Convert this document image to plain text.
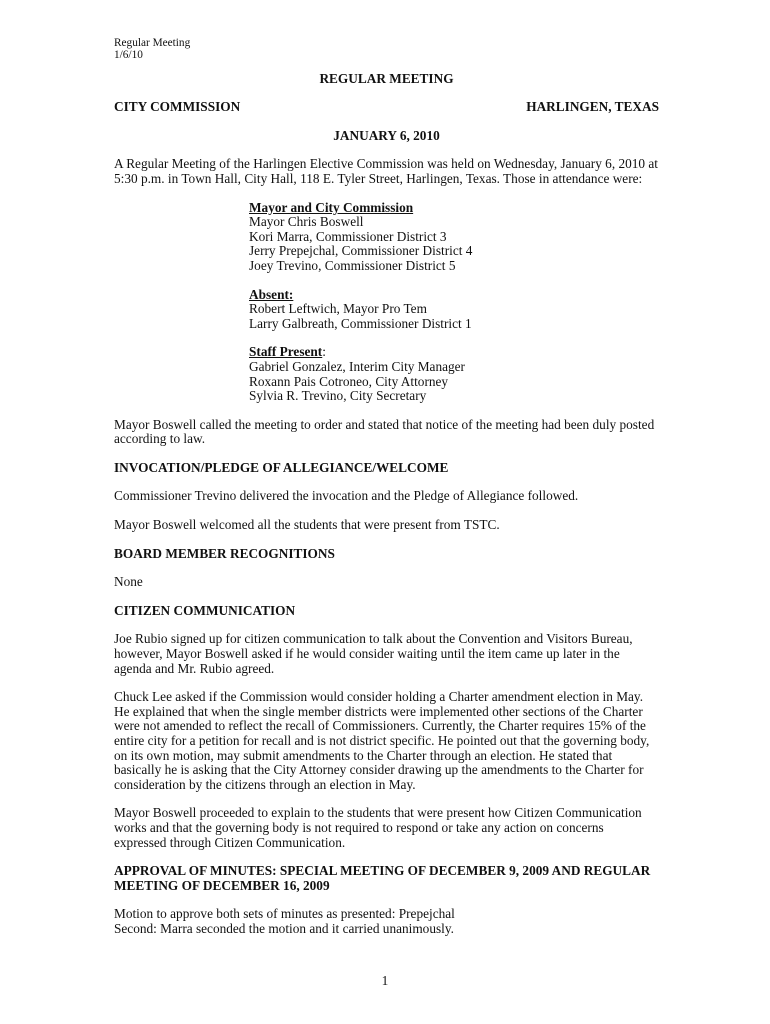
Regular Meeting
1/6/10
REGULAR MEETING
CITY COMMISSION	HARLINGEN, TEXAS
JANUARY 6, 2010

A Regular Meeting of the Harlingen Elective Commission was held on Wednesday, January 6, 2010 at 5:30 p.m. in Town Hall, City Hall, 118 E. Tyler Street, Harlingen, Texas. Those in attendance were:

Mayor and City Commission
Mayor Chris Boswell
Kori Marra, Commissioner District 3
Jerry Prepejchal, Commissioner District 4
Joey Trevino, Commissioner District 5
Absent:
Robert Leftwich, Mayor Pro Tem
Larry Galbreath, Commissioner District 1
Staff Present:
Gabriel Gonzalez, Interim City Manager
Roxann Pais Cotroneo, City Attorney
Sylvia R. Trevino, City Secretary

Mayor Boswell called the meeting to order and stated that notice of the meeting had been duly posted according to law.

INVOCATION/PLEDGE OF ALLEGIANCE/WELCOME

Commissioner Trevino delivered the invocation and the Pledge of Allegiance followed.

Mayor Boswell welcomed all the students that were present from TSTC.

BOARD MEMBER RECOGNITIONS

None

CITIZEN COMMUNICATION

Joe Rubio signed up for citizen communication to talk about the Convention and Visitors Bureau, however, Mayor Boswell asked if he would consider waiting until the item came up later in the agenda and Mr. Rubio agreed.

Chuck Lee asked if the Commission would consider holding a Charter amendment election in May. He explained that when the single member districts were implemented other sections of the Charter were not amended to reflect the recall of Commissioners. Currently, the Charter requires 15% of the entire city for a petition for recall and is not district specific. He pointed out that the governing body, on its own motion, may submit amendments to the Charter through an election. He stated that basically he is asking that the City Attorney consider drawing up the amendments to the Charter for consideration by the citizens through an election in May.

Mayor Boswell proceeded to explain to the students that were present how Citizen Communication works and that the governing body is not required to respond or take any action on concerns expressed through Citizen Communication.

APPROVAL OF MINUTES: SPECIAL MEETING OF DECEMBER 9, 2009 AND REGULAR MEETING OF DECEMBER 16, 2009

Motion to approve both sets of minutes as presented: Prepejchal
Second: Marra seconded the motion and it carried unanimously.

1
